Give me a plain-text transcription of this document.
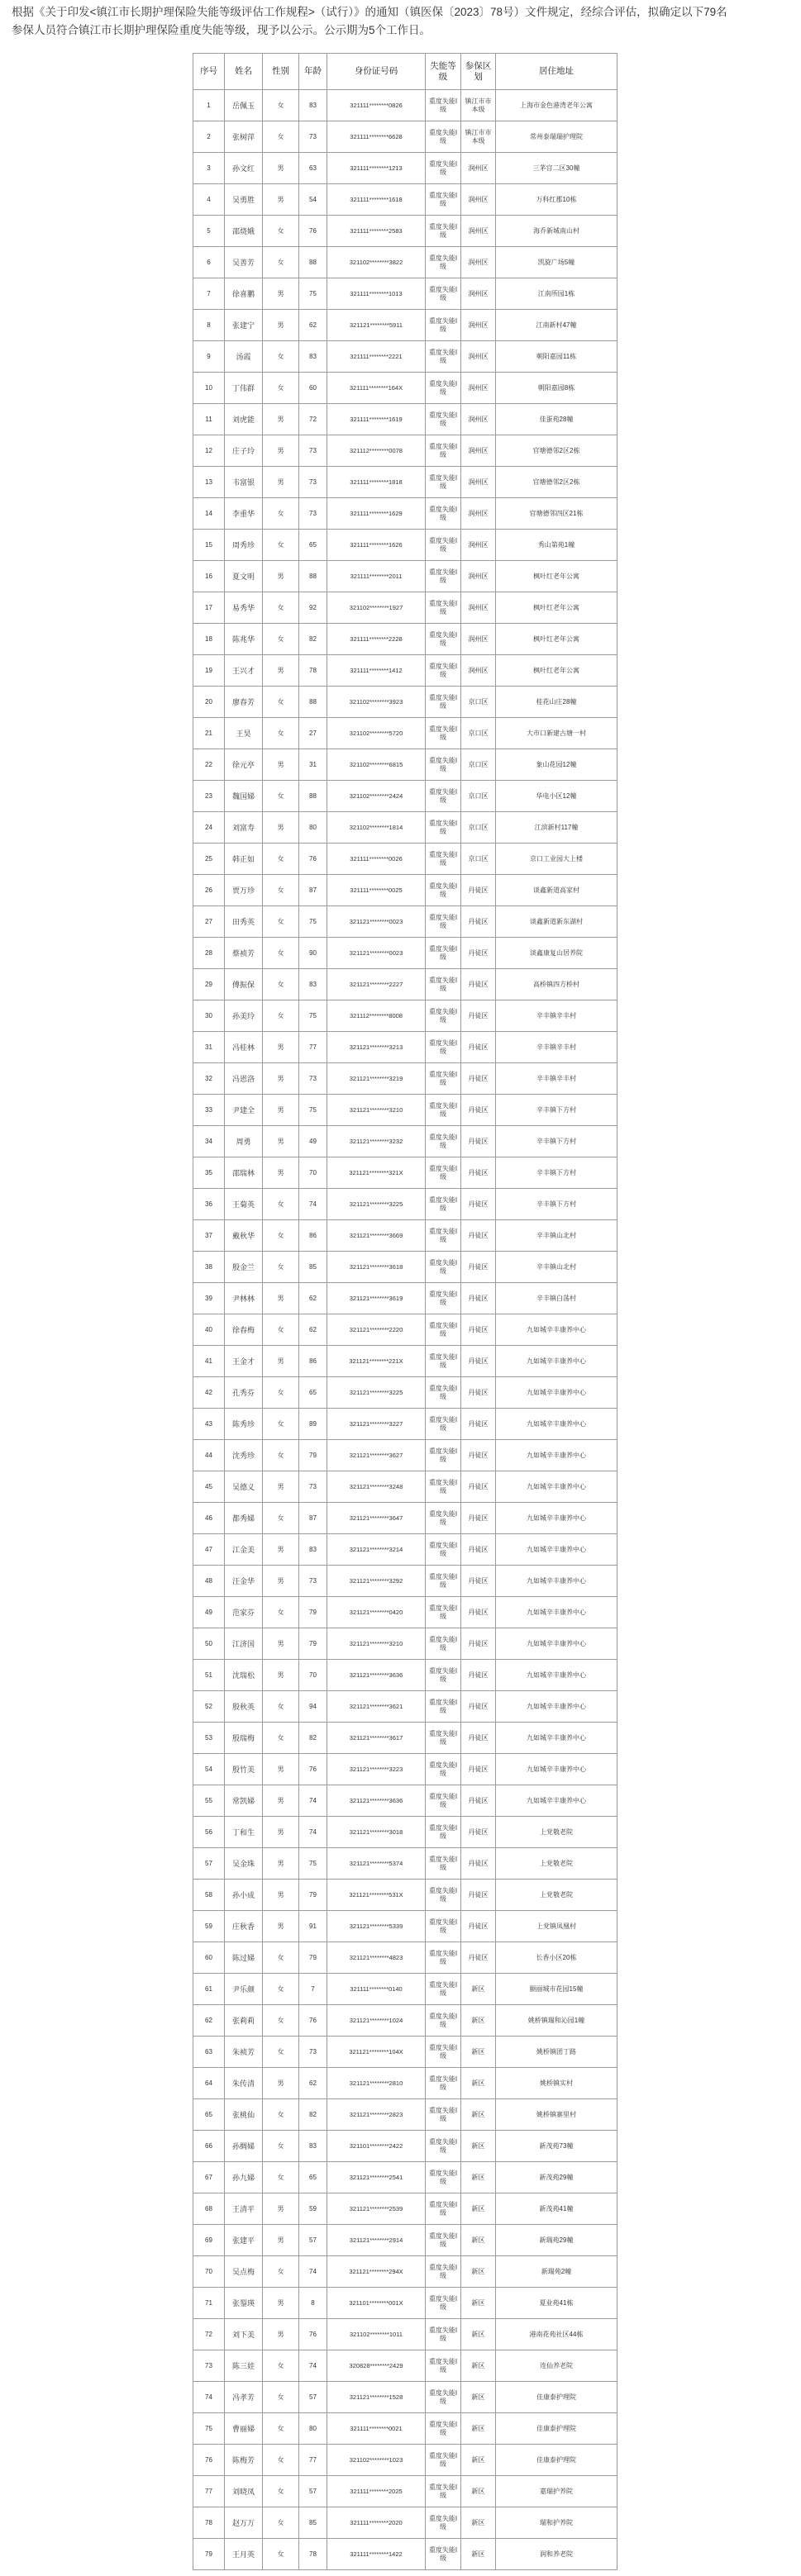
根据《关于印发<镇江市长期护理保险失能等级评估工作规程>（试行）》的通知（镇医保〔2023〕78号）文件规定，经综合评估，拟确定以下79名

参保人员符合镇江市长期护理保险重度失能等级，现予以公示。公示期为5个工作日。

序号	姓名	性别	年龄	身份证号码	失能等级	参保区划	居住地址
1	岳佩玉	女	83	321111********0826	重度失能I级	镇江市市本级	上海市金色港湾老年公寓
2	张树萍	女	73	321111********6628	重度失能I级	镇江市市本级	常州泰瑞瑞护理院
3	孙文红	男	63	321111********1213	重度失能I级	润州区	三茅宫二区30幢
4	吴勇胜	男	54	321111********1618	重度失能I级	润州区	万科红郡10栋
5	邵烧娥	女	76	321111********2583	重度失能I级	润州区	海乔新城南山村
6	吴善芳	女	88	321102********3822	重度失能I级	润州区	凯旋广场5幢
7	徐喜鹏	男	75	321111********1013	重度失能I级	润州区	江南所园1栋
8	张建宁	男	62	321121********5911	重度失能I级	润州区	江南新村47幢
9	汤霞	女	83	321111********2221	重度失能I级	润州区	朝阳嘉园11栋
10	丁伟群	女	60	321111********164X	重度失能I级	润州区	朝阳嘉园8栋
11	刘虎能	男	72	321111********1619	重度失能I级	润州区	佳蛋苑28幢
12	庄子玲	男	73	321112********0078	重度失能I级	润州区	官塘德邻2区2栋
13	韦富银	男	73	321111********1818	重度失能I级	润州区	官塘德邻2区2栋
14	李重华	女	73	321111********1629	重度失能I级	润州区	官塘德邻四区21栋
15	周秀珍	女	65	321111********1626	重度失能I级	润州区	秀山第苑1幢
16	夏文明	男	88	321111********2011	重度失能I级	润州区	枫叶红老年公寓
17	易秀华	女	92	321102********1927	重度失能I级	润州区	枫叶红老年公寓
18	陈兆华	女	82	321111********2228	重度失能I级	润州区	枫叶红老年公寓
19	王兴才	男	78	321111********1412	重度失能I级	润州区	枫叶红老年公寓
20	廖春芳	女	88	321102********3923	重度失能I级	京口区	桂花山庄28幢
21	王昊	女	27	321102********5720	重度失能I级	京口区	大市口新建古塘一村
22	徐元亭	男	31	321102********6815	重度失能I级	京口区	象山花园12幢
23	魏国娣	女	88	321102********2424	重度失能I级	京口区	华电小区12幢
24	刘富寿	男	80	321102********1814	重度失能I级	京口区	江滨新村117幢
25	韩正如	女	76	321111********0026	重度失能I级	京口区	京口工业园大上楼
26	贾万珍	女	87	321111********0025	重度失能I级	丹徒区	谈鑫新道高家村
27	田秀英	女	75	321121********0023	重度失能I级	丹徒区	谈鑫新道新东湖村
28	蔡祯芳	女	90	321121********0023	重度失能I级	丹徒区	谈鑫康复山居养院
29	傅振保	女	83	321121********2227	重度失能I级	丹徒区	高桥镇四方桥村
30	孙美玲	女	75	321112********8008	重度失能I级	丹徒区	辛丰镇辛丰村
31	冯桂林	男	77	321121********3213	重度失能I级	丹徒区	辛丰镇辛丰村
32	冯恩洛	男	73	321121********3219	重度失能I级	丹徒区	辛丰镇辛丰村
33	尹建全	男	75	321121********3210	重度失能I级	丹徒区	辛丰镇下方村
34	周勇	男	49	321121********3232	重度失能I级	丹徒区	辛丰镇下方村
35	邵瑞林	男	70	321121********321X	重度失能I级	丹徒区	辛丰镇下方村
36	王菊英	女	74	321121********3225	重度失能I级	丹徒区	辛丰镇下方村
37	戴秋华	女	86	321121********3669	重度失能I级	丹徒区	辛丰镇山北村
38	殷金兰	女	85	321121********3618	重度失能I级	丹徒区	辛丰镇山北村
39	尹林林	男	62	321121********3619	重度失能I级	丹徒区	辛丰镇白荡村
40	徐春梅	女	62	321121********2220	重度失能I级	丹徒区	九如城辛丰康养中心
41	王金才	男	86	321121********221X	重度失能I级	丹徒区	九如城辛丰康养中心
42	孔秀芬	女	65	321121********3225	重度失能I级	丹徒区	九如城辛丰康养中心
43	陈秀珍	女	89	321121********3227	重度失能I级	丹徒区	九如城辛丰康养中心
44	沈秀珍	女	79	321121********3627	重度失能I级	丹徒区	九如城辛丰康养中心
45	吴德义	男	73	321121********3248	重度失能I级	丹徒区	九如城辛丰康养中心
46	都秀娣	女	87	321121********3647	重度失能I级	丹徒区	九如城辛丰康养中心
47	江金美	男	83	321121********3214	重度失能I级	丹徒区	九如城辛丰康养中心
48	汪金华	男	73	321121********3292	重度失能I级	丹徒区	九如城辛丰康养中心
49	范家芬	女	79	321121********0420	重度失能I级	丹徒区	九如城辛丰康养中心
50	江济国	男	79	321121********3210	重度失能I级	丹徒区	九如城辛丰康养中心
51	沈瑞松	男	70	321121********3636	重度失能I级	丹徒区	九如城辛丰康养中心
52	殷秋英	女	94	321121********3621	重度失能I级	丹徒区	九如城辛丰康养中心
53	殷瑞梅	女	82	321121********3617	重度失能I级	丹徒区	九如城辛丰康养中心
54	殷竹美	男	76	321121********3223	重度失能I级	丹徒区	九如城辛丰康养中心
55	常凯娣	男	74	321121********3636	重度失能I级	丹徒区	九如城辛丰康养中心
56	丁和生	男	74	321121********3018	重度失能I级	丹徒区	上党敬老院
57	吴金珠	男	75	321121********5374	重度失能I级	丹徒区	上党敬老院
58	孙小成	男	79	321121********531X	重度失能I级	丹徒区	上党敬老院
59	庄秋香	男	91	321121********5339	重度失能I级	丹徒区	上党镇凤凰村
60	陈过娣	女	79	321121********4823	重度失能I级	丹徒区	长香小区20栋
61	尹乐颜	女	7	321111********0140	重度失能I级	新区	颐丽城市花园15幢
62	张莉莉	女	76	321121********1024	重度失能I级	新区	姚桥镇瑞和沁园1幢
63	朱祯芳	女	73	321121********104X	重度失能I级	新区	姚桥镇团丁路
64	朱传清	男	62	321121********2810	重度失能I级	新区	姚桥镇实村
65	张桃仙	女	82	321121********2823	重度失能I级	新区	姚桥镇寨里村
66	孙绸娣	女	83	321101********2422	重度失能I级	新区	新茂苑73幢
67	孙九娣	女	65	321121********2541	重度失能I级	新区	新茂苑29幢
68	王清平	男	59	321121********2539	重度失能I级	新区	新茂苑41幢
69	张建平	男	57	321121********2914	重度失能I级	新区	新瑞苑29幢
70	吴点梅	女	74	321121********294X	重度失能I级	新区	新瑞苑2幢
71	张銐瑛	男	8	321101********001X	重度失能I级	新区	夏业苑41栋
72	刘下美	男	76	321102********1011	重度失能I级	新区	港南花苑社区44栋
73	陈三娃	女	74	320828********2429	重度失能I级	新区	连仙养老院
74	冯孝芳	女	57	321121********1528	重度失能I级	新区	佳康泰护理院
75	曹丽娣	女	80	321111********0021	重度失能I级	新区	佳康泰护理院
76	陈梅芳	女	77	321102********1023	重度失能I级	新区	佳康泰护理院
77	刘晓凤	女	57	321111********2025	重度失能I级	新区	嘉瑞护养院
78	赵万万	女	85	321111********2020	重度失能I级	新区	瑞和护养院
79	王月英	女	78	321111********1422	重度失能I级	新区	润和养老院
